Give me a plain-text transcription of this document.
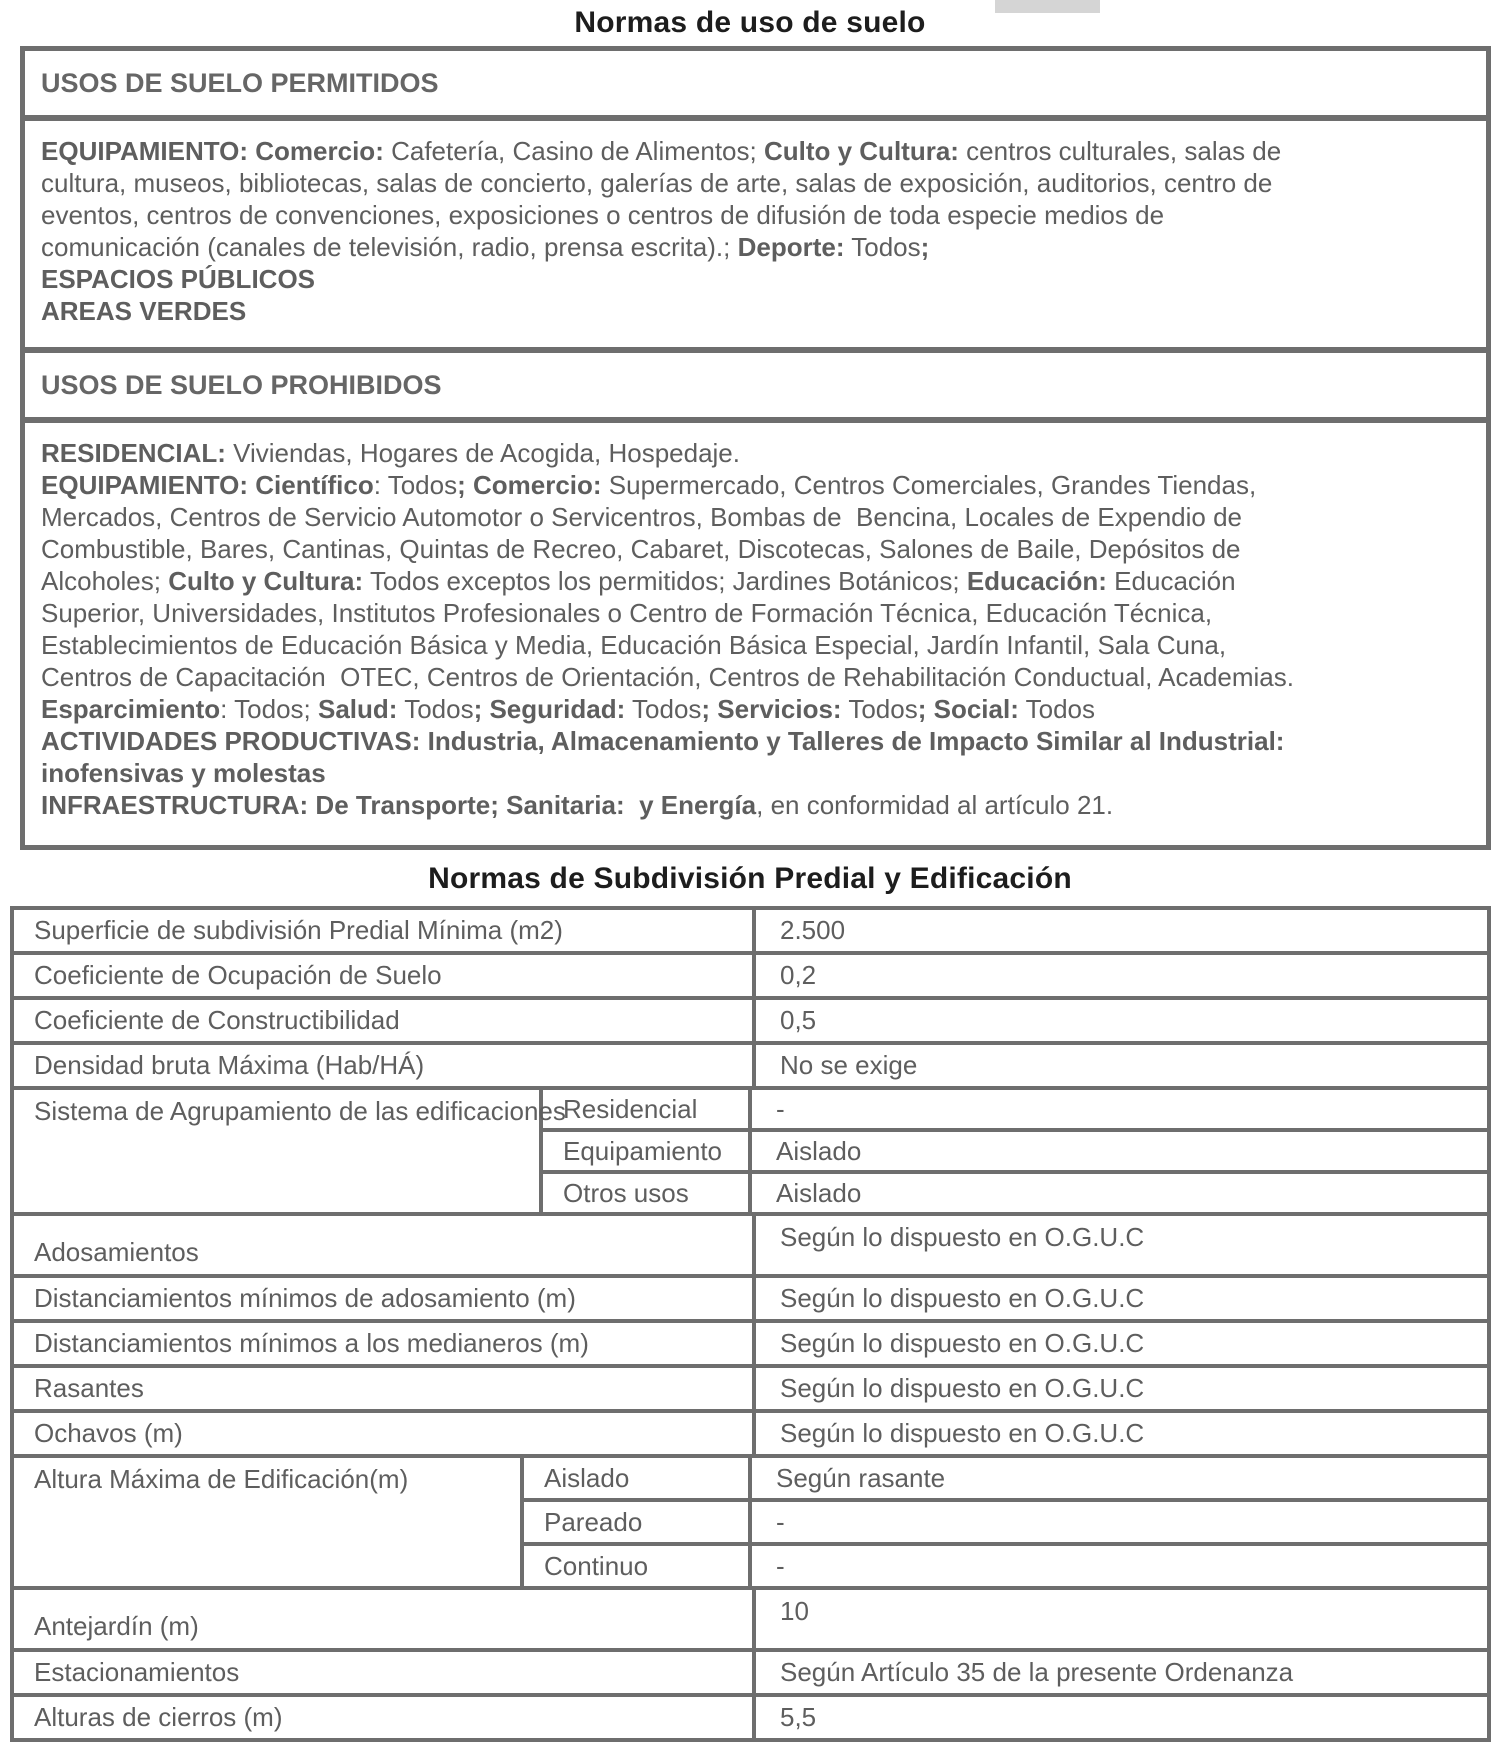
Normas de uso de suelo
USOS DE SUELO PERMITIDOS
EQUIPAMIENTO: Comercio: Cafetería, Casino de Alimentos; Culto y Cultura: centros culturales, salas de
cultura, museos, bibliotecas, salas de concierto, galerías de arte, salas de exposición, auditorios, centro de
eventos, centros de convenciones, exposiciones o centros de difusión de toda especie medios de
comunicación (canales de televisión, radio, prensa escrita).; Deporte: Todos;
ESPACIOS PÚBLICOS
AREAS VERDES
USOS DE SUELO PROHIBIDOS
RESIDENCIAL: Viviendas, Hogares de Acogida, Hospedaje.
EQUIPAMIENTO: Científico: Todos; Comercio: Supermercado, Centros Comerciales, Grandes Tiendas,
Mercados, Centros de Servicio Automotor o Servicentros, Bombas de  Bencina, Locales de Expendio de
Combustible, Bares, Cantinas, Quintas de Recreo, Cabaret, Discotecas, Salones de Baile, Depósitos de
Alcoholes; Culto y Cultura: Todos exceptos los permitidos; Jardines Botánicos; Educación: Educación
Superior, Universidades, Institutos Profesionales o Centro de Formación Técnica, Educación Técnica,
Establecimientos de Educación Básica y Media, Educación Básica Especial, Jardín Infantil, Sala Cuna,
Centros de Capacitación  OTEC, Centros de Orientación, Centros de Rehabilitación Conductual, Academias.
Esparcimiento: Todos; Salud: Todos; Seguridad: Todos; Servicios: Todos; Social: Todos
ACTIVIDADES PRODUCTIVAS: Industria, Almacenamiento y Talleres de Impacto Similar al Industrial:
inofensivas y molestas
INFRAESTRUCTURA: De Transporte; Sanitaria:  y Energía, en conformidad al artículo 21.
Normas de Subdivisión Predial y Edificación
Superficie de subdivisión Predial Mínima (m2)	2.500
Coeficiente de Ocupación de Suelo	0,2
Coeficiente de Constructibilidad	0,5
Densidad bruta Máxima (Hab/HÁ)	No se exige
Sistema de Agrupamiento de las edificaciones
Residencial	-
Equipamiento Aislado
Otros usos	Aislado
Adosamientos	Según lo dispuesto en O.G.U.C
Distanciamientos mínimos de adosamiento (m)	Según lo dispuesto en O.G.U.C
Distanciamientos mínimos a los medianeros (m)	Según lo dispuesto en O.G.U.C
Rasantes	Según lo dispuesto en O.G.U.C
Ochavos (m)	Según lo dispuesto en O.G.U.C
Altura Máxima de Edificación(m)	Aislado	Según rasante
Pareado	-
Continuo	-
Antejardín (m)	10
Estacionamientos	Según Artículo 35 de la presente Ordenanza
Alturas de cierros (m)	5,5
